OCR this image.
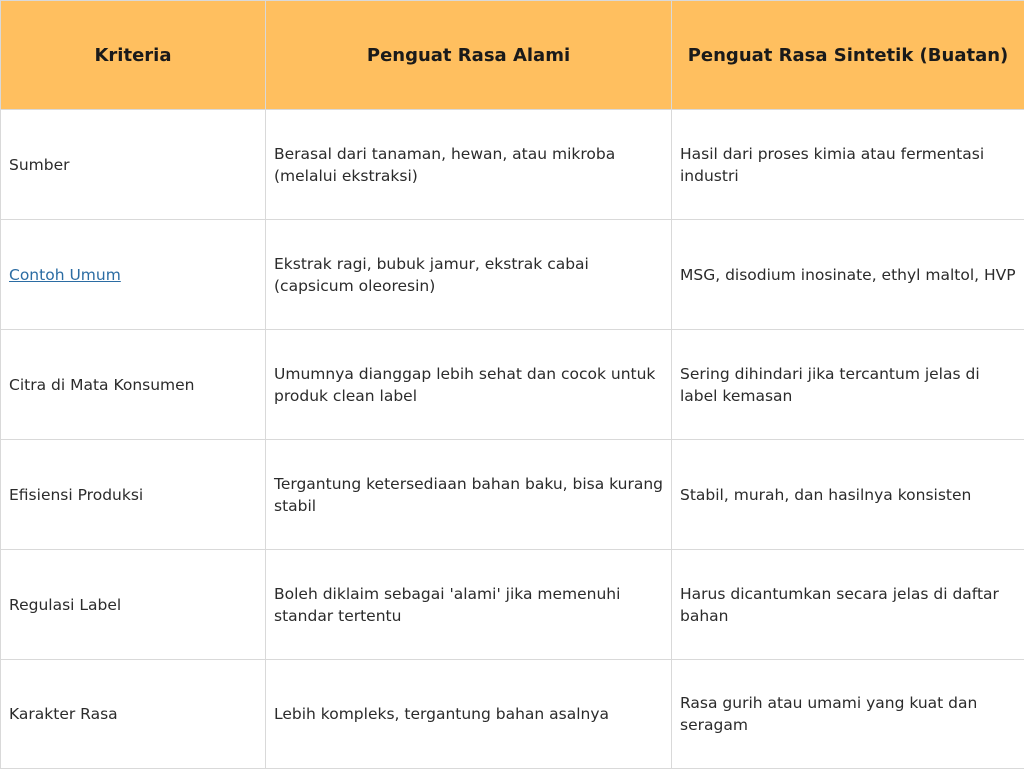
Kriteria	Penguat Rasa Alami	Penguat Rasa Sintetik (Buatan)
Sumber	Berasal dari tanaman, hewan, atau mikroba (melalui ekstraksi)	Hasil dari proses kimia atau fermentasi industri
Contoh Umum	Ekstrak ragi, bubuk jamur, ekstrak cabai (capsicum oleoresin)	MSG, disodium inosinate, ethyl maltol, HVP
Citra di Mata Konsumen	Umumnya dianggap lebih sehat dan cocok untuk produk clean label	Sering dihindari jika tercantum jelas di label kemasan
Efisiensi Produksi	Tergantung ketersediaan bahan baku, bisa kurang stabil	Stabil, murah, dan hasilnya konsisten
Regulasi Label	Boleh diklaim sebagai 'alami' jika memenuhi standar tertentu	Harus dicantumkan secara jelas di daftar bahan
Karakter Rasa	Lebih kompleks, tergantung bahan asalnya	Rasa gurih atau umami yang kuat dan seragam
